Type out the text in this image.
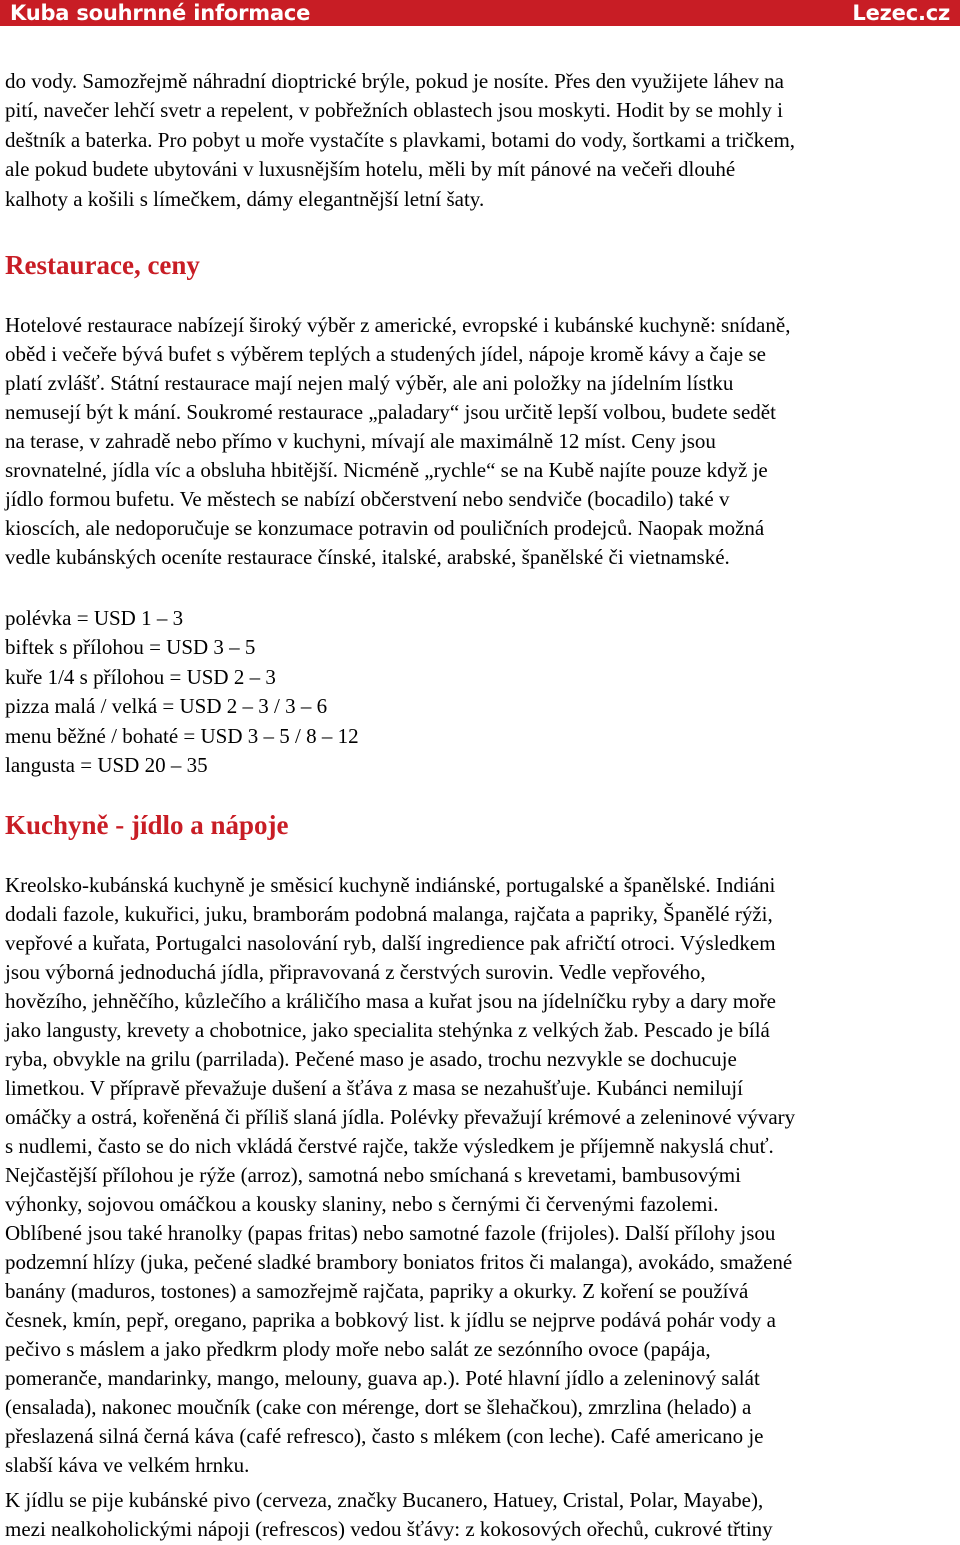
Kuba souhrnné informace	Lezec.cz

do vody. Samozřejmě náhradní dioptrické brýle, pokud je nosíte. Přes den využijete láhev na
pití, navečer lehčí svetr a repelent, v pobřežních oblastech jsou moskyti. Hodit by se mohly i
deštník a baterka. Pro pobyt u moře vystačíte s plavkami, botami do vody, šortkami a tričkem,
ale pokud budete ubytováni v luxusnějším hotelu, měli by mít pánové na večeři dlouhé
kalhoty a košili s límečkem, dámy elegantnější letní šaty.

Restaurace, ceny

Hotelové restaurace nabízejí široký výběr z americké, evropské i kubánské kuchyně: snídaně,
oběd i večeře bývá bufet s výběrem teplých a studených jídel, nápoje kromě kávy a čaje se
platí zvlášť. Státní restaurace mají nejen malý výběr, ale ani položky na jídelním lístku
nemusejí být k mání. Soukromé restaurace „paladary“ jsou určitě lepší volbou, budete sedět
na terase, v zahradě nebo přímo v kuchyni, mívají ale maximálně 12 míst. Ceny jsou
srovnatelné, jídla víc a obsluha hbitější. Nicméně „rychle“ se na Kubě najíte pouze když je
jídlo formou bufetu. Ve městech se nabízí občerstvení nebo sendviče (bocadilo) také v
kioscích, ale nedoporučuje se konzumace potravin od pouličních prodejců. Naopak možná
vedle kubánských oceníte restaurace čínské, italské, arabské, španělské či vietnamské.

polévka = USD 1 – 3
biftek s přílohou = USD 3 – 5
kuře 1/4 s přílohou = USD 2 – 3
pizza malá / velká = USD 2 – 3 / 3 – 6
menu běžné / bohaté = USD 3 – 5 / 8 – 12
langusta = USD 20 – 35
Kuchyně - jídlo a nápoje

Kreolsko-kubánská kuchyně je směsicí kuchyně indiánské, portugalské a španělské. Indiáni
dodali fazole, kukuřici, juku, bramborám podobná malanga, rajčata a papriky, Španělé rýži,
vepřové a kuřata, Portugalci nasolování ryb, další ingredience pak afričtí otroci. Výsledkem
jsou výborná jednoduchá jídla, připravovaná z čerstvých surovin. Vedle vepřového,
hovězího, jehněčího, kůzlečího a králičího masa a kuřat jsou na jídelníčku ryby a dary moře
jako langusty, krevety a chobotnice, jako specialita stehýnka z velkých žab. Pescado je bílá
ryba, obvykle na grilu (parrilada). Pečené maso je asado, trochu nezvykle se dochucuje
limetkou. V přípravě převažuje dušení a šťáva z masa se nezahušťuje. Kubánci nemilují
omáčky a ostrá, kořeněná či příliš slaná jídla. Polévky převažují krémové a zeleninové vývary
s nudlemi, často se do nich vkládá čerstvé rajče, takže výsledkem je příjemně nakyslá chuť.
Nejčastější přílohou je rýže (arroz), samotná nebo smíchaná s krevetami, bambusovými
výhonky, sojovou omáčkou a kousky slaniny, nebo s černými či červenými fazolemi.
Oblíbené jsou také hranolky (papas fritas) nebo samotné fazole (frijoles). Další přílohy jsou
podzemní hlízy (juka, pečené sladké brambory boniatos fritos či malanga), avokádo, smažené
banány (maduros, tostones) a samozřejmě rajčata, papriky a okurky. Z koření se používá
česnek, kmín, pepř, oregano, paprika a bobkový list. k jídlu se nejprve podává pohár vody a
pečivo s máslem a jako předkrm plody moře nebo salát ze sezónního ovoce (papája,
pomeranče, mandarinky, mango, melouny, guava ap.). Poté hlavní jídlo a zeleninový salát
(ensalada), nakonec moučník (cake con mérenge, dort se šlehačkou), zmrzlina (helado) a
přeslazená silná černá káva (café refresco), často s mlékem (con leche). Café americano je
slabší káva ve velkém hrnku.

K jídlu se pije kubánské pivo (cerveza, značky Bucanero, Hatuey, Cristal, Polar, Mayabe),
mezi nealkoholickými nápoji (refrescos) vedou šťávy: z kokosových ořechů, cukrové třtiny
